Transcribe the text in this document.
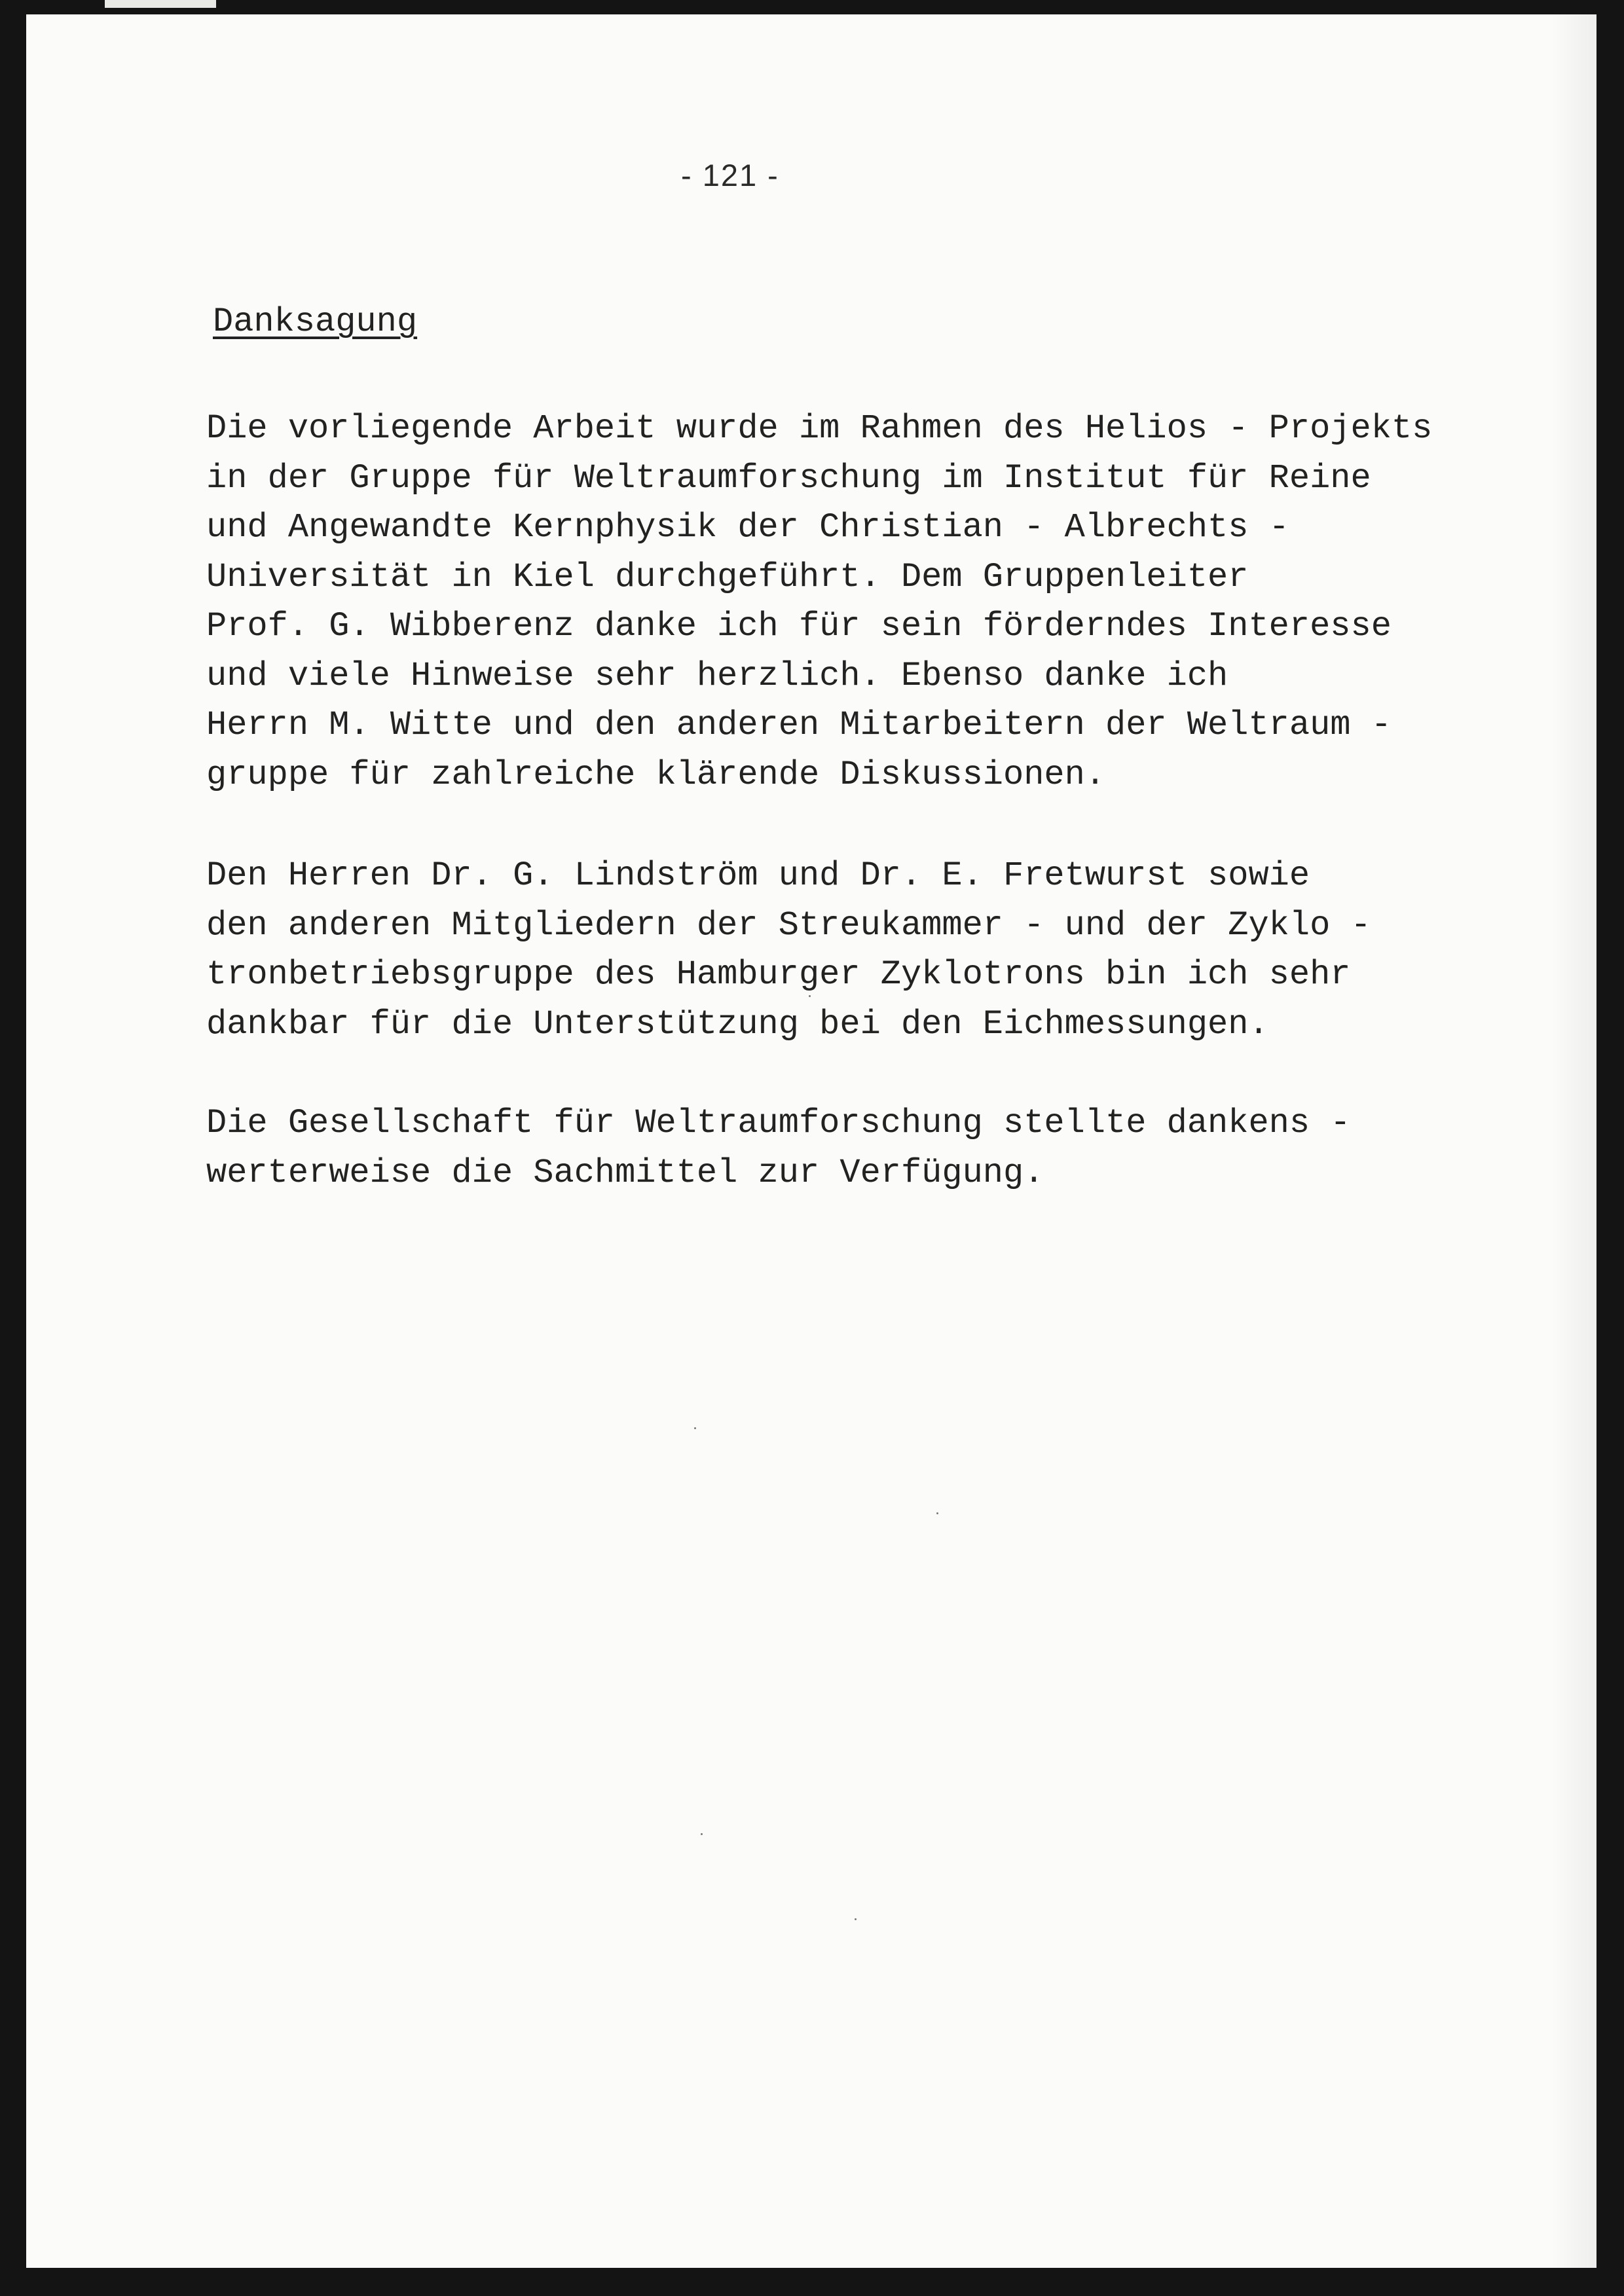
- 121 -
Danksagung
Die vorliegende Arbeit wurde im Rahmen des Helios - Projekts
in der Gruppe für Weltraumforschung im Institut für Reine
und Angewandte Kernphysik der Christian - Albrechts -
Universität in Kiel durchgeführt. Dem Gruppenleiter
Prof. G. Wibberenz danke ich für sein förderndes Interesse
und viele Hinweise sehr herzlich. Ebenso danke ich
Herrn M. Witte und den anderen Mitarbeitern der Weltraum -
gruppe für zahlreiche klärende Diskussionen.
Den Herren Dr. G. Lindström und Dr. E. Fretwurst sowie
den anderen Mitgliedern der Streukammer - und der Zyklo -
tronbetriebsgruppe des Hamburger Zyklotrons bin ich sehr
dankbar für die Unterstützung bei den Eichmessungen.
Die Gesellschaft für Weltraumforschung stellte dankens -
werterweise die Sachmittel zur Verfügung.
